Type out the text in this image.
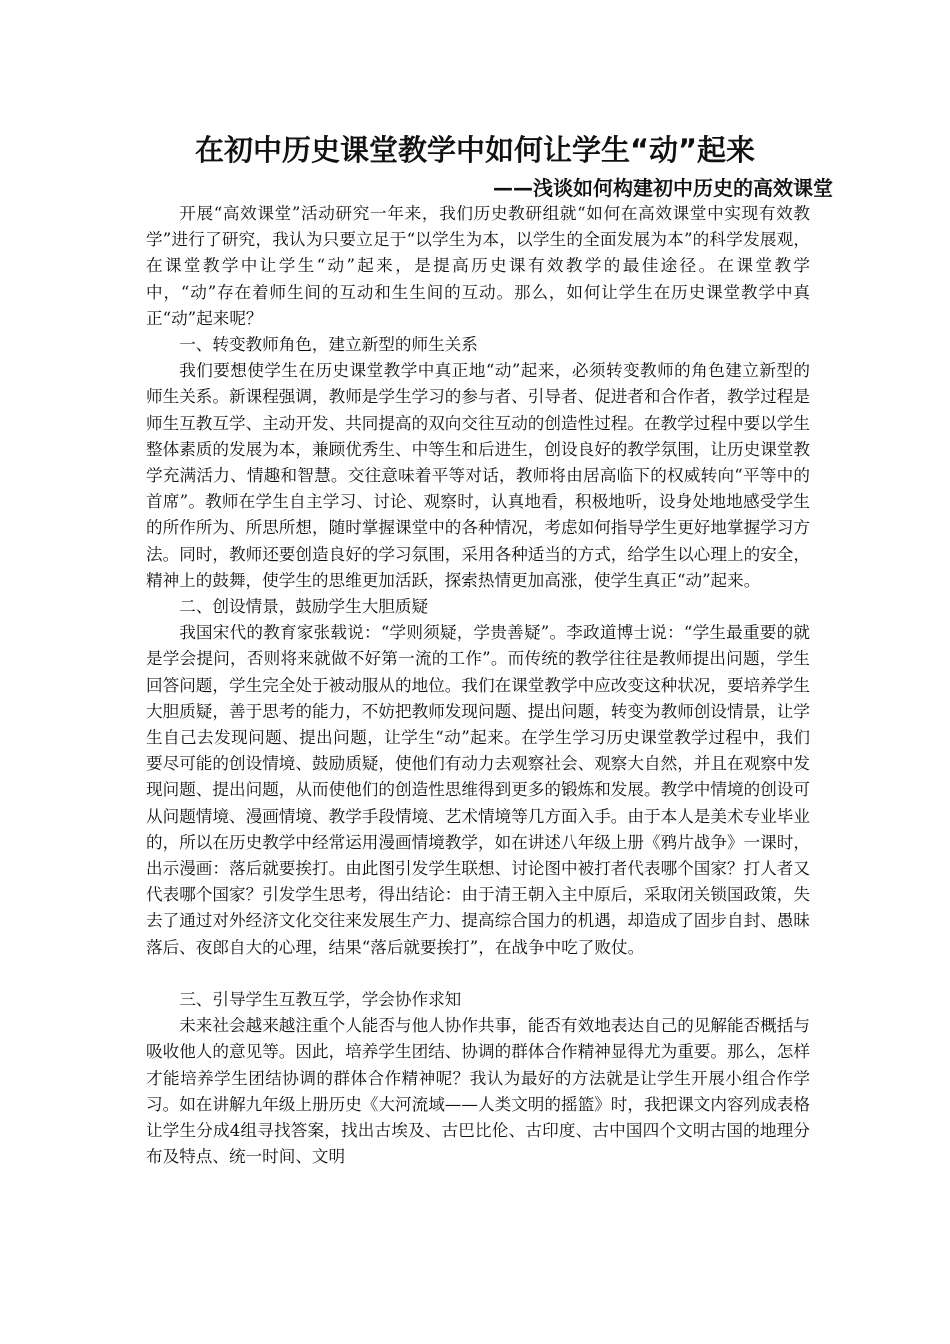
在初中历史课堂教学中如何让学生“动”起来
——浅谈如何构建初中历史的高效课堂

开展“高效课堂”活动研究一年来，我们历史教研组就“如何在高效课堂中实现有效教学”进行了研究，我认为只要立足于“以学生为本，以学生的全面发展为本”的科学发展观，在课堂教学中让学生“动”起来，是提高历史课有效教学的最佳途径。在课堂教学中，“动”存在着师生间的互动和生生间的互动。那么，如何让学生在历史课堂教学中真正“动”起来呢？

一、转变教师角色，建立新型的师生关系

我们要想使学生在历史课堂教学中真正地“动”起来，必须转变教师的角色建立新型的师生关系。新课程强调，教师是学生学习的参与者、引导者、促进者和合作者，教学过程是师生互教互学、主动开发、共同提高的双向交往互动的创造性过程。在教学过程中要以学生整体素质的发展为本，兼顾优秀生、中等生和后进生，创设良好的教学氛围，让历史课堂教学充满活力、情趣和智慧。交往意味着平等对话，教师将由居高临下的权威转向“平等中的首席”。教师在学生自主学习、讨论、观察时，认真地看，积极地听，设身处地地感受学生的所作所为、所思所想，随时掌握课堂中的各种情况，考虑如何指导学生更好地掌握学习方法。同时，教师还要创造良好的学习氛围，采用各种适当的方式，给学生以心理上的安全，精神上的鼓舞，使学生的思维更加活跃，探索热情更加高涨，使学生真正“动”起来。

二、创设情景，鼓励学生大胆质疑

我国宋代的教育家张载说：“学则须疑，学贵善疑”。李政道博士说：“学生最重要的就是学会提问，否则将来就做不好第一流的工作”。而传统的教学往往是教师提出问题，学生回答问题，学生完全处于被动服从的地位。我们在课堂教学中应改变这种状况，要培养学生大胆质疑，善于思考的能力，不妨把教师发现问题、提出问题，转变为教师创设情景，让学生自己去发现问题、提出问题，让学生“动”起来。在学生学习历史课堂教学过程中，我们要尽可能的创设情境、鼓励质疑，使他们有动力去观察社会、观察大自然，并且在观察中发现问题、提出问题，从而使他们的创造性思维得到更多的锻炼和发展。教学中情境的创设可从问题情境、漫画情境、教学手段情境、艺术情境等几方面入手。由于本人是美术专业毕业的，所以在历史教学中经常运用漫画情境教学，如在讲述八年级上册《鸦片战争》一课时，出示漫画：落后就要挨打。由此图引发学生联想、讨论图中被打者代表哪个国家？打人者又代表哪个国家？引发学生思考，得出结论：由于清王朝入主中原后，采取闭关锁国政策，失去了通过对外经济文化交往来发展生产力、提高综合国力的机遇，却造成了固步自封、愚昧落后、夜郎自大的心理，结果“落后就要挨打”，在战争中吃了败仗。

三、引导学生互教互学，学会协作求知

未来社会越来越注重个人能否与他人协作共事，能否有效地表达自己的见解能否概括与吸收他人的意见等。因此，培养学生团结、协调的群体合作精神显得尤为重要。那么，怎样才能培养学生团结协调的群体合作精神呢？我认为最好的方法就是让学生开展小组合作学习。如在讲解九年级上册历史《大河流域——人类文明的摇篮》时，我把课文内容列成表格让学生分成4组寻找答案，找出古埃及、古巴比伦、古印度、古中国四个文明古国的地理分布及特点、统一时间、文明
